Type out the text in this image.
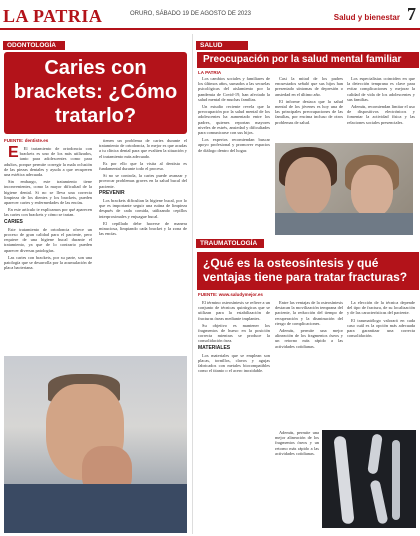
LA PATRIA	ORURO, SÁBADO 19 DE AGOSTO DE 2023	Salud y bienestar 7
ODONTOLOGÍA
Caries con brackets: ¿Cómo tratarlo?
FUENTE: dentiste.es

E El tratamiento de ortodoncia con brackets es uno de los más utilizados, tanto para adolescentes como para adultos, porque permite corregir la mala oclusión de las piezas dentales y ayuda a que recuperen una estética adecuada.

Sin embargo, este tratamiento tiene inconvenientes, como la mayor dificultad de la higiene dental. Si no se lleva una correcta limpieza de los dientes y los brackets, pueden aparecer caries y enfermedades de las encías.

En este artículo te explicamos por qué aparecen las caries con brackets y cómo se tratan.

CARIES

Este tratamiento de ortodoncia ofrece un proceso de gran calidad para el paciente, pero requiere de una higiene bucal durante el tratamiento, ya que de lo contrario pueden aparecer diversas patologías.

Las caries con brackets, por su parte, son una patología que se desarrolla por la acumulación de placa bacteriana.

tienen un problema de caries durante el tratamiento de ortodoncia, lo mejor es que acudas a tu clínica dental para que evalúen la situación y el tratamiento más adecuado.

Es por ello que la visita al dentista es fundamental durante todo el proceso.

Si no se controla, la caries puede avanzar y provocar problemas graves en la salud bucal del paciente.

PREVENIR

Los brackets dificultan la higiene bucal, por lo que es importante seguir una rutina de limpieza después de cada comida, utilizando cepillos interproximales y enjuague bucal.

El cepillado debe hacerse de manera minuciosa, limpiando cada bracket y la zona de las encías.

SALUD
Preocupación por la salud mental familiar
LA PATRIA

Los cambios sociales y familiares de los últimos años, sumados a las secuelas psicológicas del aislamiento por la pandemia de Covid-19, han afectado la salud mental de muchas familias.

Un estudio reciente revela que la preocupación por la salud mental de los adolescentes ha aumentado entre los padres, quienes reportan mayores niveles de estrés, ansiedad y dificultades para comunicarse con sus hijos.

Los expertos recomiendan buscar apoyo profesional y promover espacios de diálogo dentro del hogar.

Casi la mitad de los padres encuestados señaló que sus hijos han presentado síntomas de depresión o ansiedad en el último año.

El informe destaca que la salud mental de los jóvenes es hoy una de las principales preocupaciones de las familias, por encima incluso de otros problemas de salud.

Los especialistas coinciden en que la detección temprana es clave para evitar complicaciones y mejorar la calidad de vida de los adolescentes y sus familias.

Además, recomiendan limitar el uso de dispositivos electrónicos y fomentar la actividad física y las relaciones sociales presenciales.

TRAUMATOLOGÍA
¿Qué es la osteosíntesis y qué ventajas tiene para tratar fracturas?
FUENTE: www.saludymejor.es

El término osteosíntesis se refiere a un conjunto de técnicas quirúrgicas que se utilizan para la estabilización de fracturas óseas mediante implantes.

Su objetivo es mantener los fragmentos de hueso en la posición correcta mientras se produce la consolidación ósea.

MATERIALES

Los materiales que se emplean son placas, tornillos, clavos y agujas fabricados con metales biocompatibles como el titanio o el acero inoxidable.

Entre las ventajas de la osteosíntesis destacan la movilización temprana del paciente, la reducción del tiempo de recuperación y la disminución del riesgo de complicaciones.

Además, permite una mejor alineación de los fragmentos óseos y un retorno más rápido a las actividades cotidianas.

La elección de la técnica depende del tipo de fractura, de su localización y de las características del paciente.

El traumatólogo valorará en cada caso cuál es la opción más adecuada para garantizar una correcta consolidación.

Además, permite una mejor alineación de los fragmentos óseos y un retorno más rápido a las actividades cotidianas.
